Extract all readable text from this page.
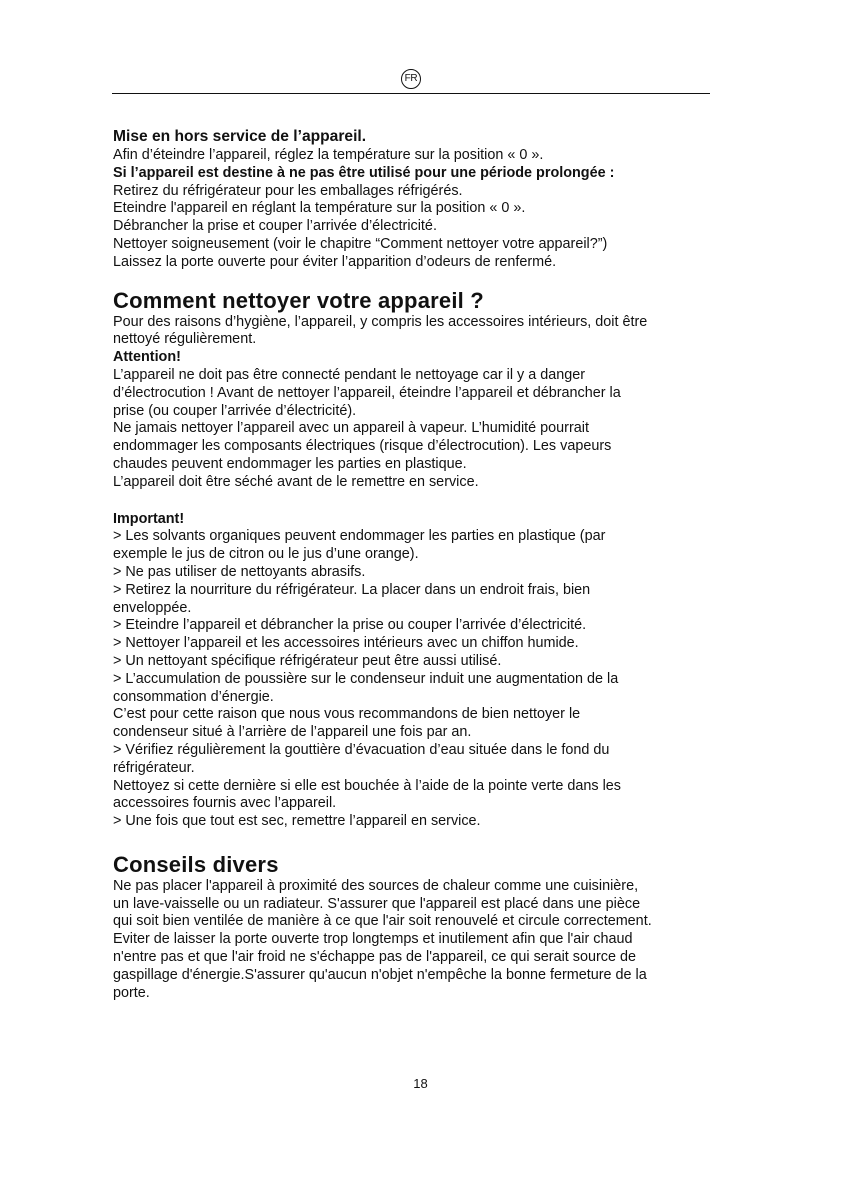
FR
Mise en hors service de l’appareil.
Afin d’éteindre l’appareil, réglez la température sur la position « 0 ».
Si l’appareil est destine à ne pas être utilisé pour une période prolongée :
Retirez du réfrigérateur pour les emballages réfrigérés.
Eteindre l'appareil en réglant la température sur la position « 0 ».
Débrancher la prise et couper l’arrivée d’électricité.
Nettoyer soigneusement (voir le chapitre “Comment nettoyer votre appareil?”)
Laissez la porte ouverte pour éviter l’apparition d’odeurs de renfermé.
Comment nettoyer votre appareil ?
Pour des raisons d’hygiène, l’appareil, y compris les accessoires intérieurs, doit être
nettoyé régulièrement.
Attention!
L’appareil ne doit pas être connecté pendant le nettoyage car il y a danger
d’électrocution ! Avant de nettoyer l’appareil, éteindre l’appareil et débrancher la
prise (ou couper l’arrivée d’électricité).
Ne jamais nettoyer l’appareil avec un appareil à vapeur. L’humidité pourrait
endommager les composants électriques (risque d’électrocution). Les vapeurs
chaudes peuvent endommager les parties en plastique.
L’appareil doit être séché avant de le remettre en service.
Important!
> Les solvants organiques peuvent endommager les parties en plastique (par
exemple le jus de citron ou le jus d’une orange).
> Ne pas utiliser de nettoyants abrasifs.
> Retirez la nourriture du réfrigérateur. La placer dans un endroit frais, bien
enveloppée.
> Eteindre l’appareil et débrancher la prise ou couper l’arrivée d’électricité.
> Nettoyer l’appareil et les accessoires intérieurs avec un chiffon humide.
> Un nettoyant spécifique réfrigérateur peut être aussi utilisé.
> L’accumulation de poussière sur le condenseur induit une augmentation de la
consommation d’énergie.
C’est pour cette raison que nous vous recommandons de bien nettoyer le
condenseur situé à l’arrière de l’appareil une fois par an.
> Vérifiez régulièrement la gouttière d’évacuation d’eau située dans le fond du
réfrigérateur.
Nettoyez si cette dernière si elle est bouchée à l’aide de la pointe verte dans les
accessoires fournis avec l’appareil.
> Une fois que tout est sec, remettre l’appareil en service.
Conseils divers
Ne pas placer l'appareil à proximité des sources de chaleur comme une cuisinière,
un lave-vaisselle ou un radiateur. S'assurer que l'appareil est placé dans une pièce
qui soit bien ventilée de manière à ce que l'air soit renouvelé et circule correctement.
Eviter de laisser la porte ouverte trop longtemps et inutilement afin que l'air chaud
n'entre pas et que l'air froid ne s'échappe pas de l'appareil, ce qui serait source de
gaspillage d'énergie.S'assurer qu'aucun n'objet n'empêche la bonne fermeture de la
porte.
18
